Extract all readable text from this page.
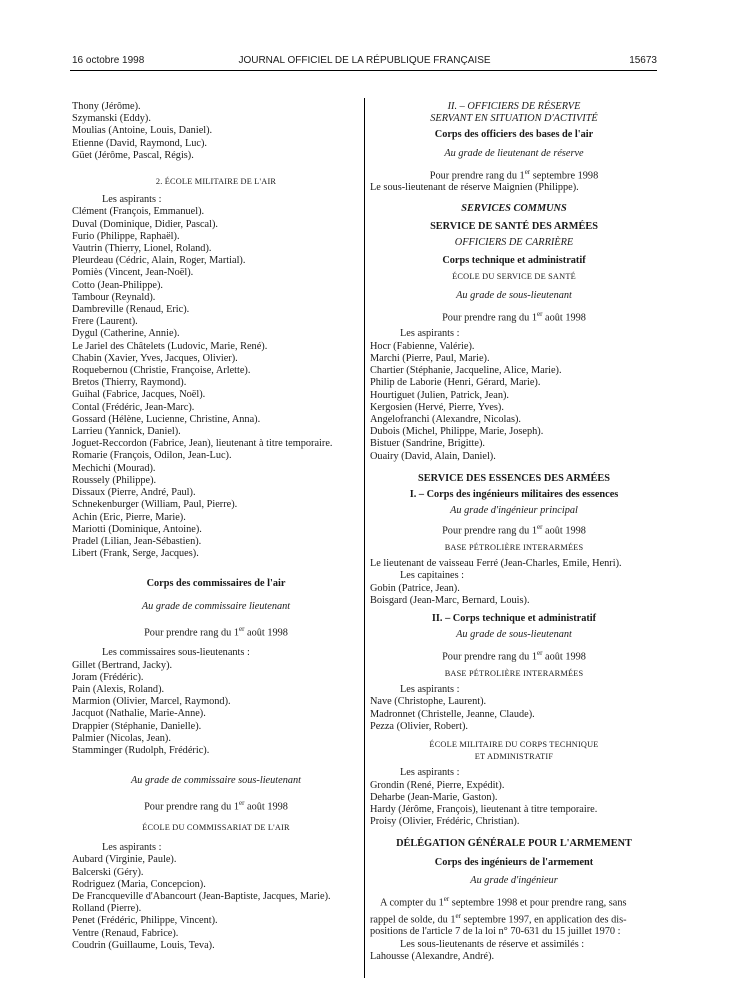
16 octobre 1998	JOURNAL OFFICIEL DE LA RÉPUBLIQUE FRANÇAISE	15673
Thony (Jérôme).
Szymanski (Eddy).
Moulias (Antoine, Louis, Daniel).
Etienne (David, Raymond, Luc).
Güet (Jérôme, Pascal, Régis).
2. ÉCOLE MILITAIRE DE L'AIR
Les aspirants :
Clément (François, Emmanuel).
Duval (Dominique, Didier, Pascal).
Furio (Philippe, Raphaël).
Vautrin (Thierry, Lionel, Roland).
Pleurdeau (Cédric, Alain, Roger, Martial).
Pomiès (Vincent, Jean-Noël).
Cotto (Jean-Philippe).
Tambour (Reynald).
Dambreville (Renaud, Eric).
Frere (Laurent).
Dygul (Catherine, Annie).
Le Jariel des Châtelets (Ludovic, Marie, René).
Chabin (Xavier, Yves, Jacques, Olivier).
Roquebernou (Christie, Françoise, Arlette).
Bretos (Thierry, Raymond).
Guihal (Fabrice, Jacques, Noël).
Contal (Frédéric, Jean-Marc).
Gossard (Hélène, Lucienne, Christine, Anna).
Larrieu (Yannick, Daniel).
Joguet-Reccordon (Fabrice, Jean), lieutenant à titre temporaire.
Romarie (François, Odilon, Jean-Luc).
Mechichi (Mourad).
Roussely (Philippe).
Dissaux (Pierre, André, Paul).
Schnekenburger (William, Paul, Pierre).
Achin (Eric, Pierre, Marie).
Mariotti (Dominique, Antoine).
Pradel (Lilian, Jean-Sébastien).
Libert (Frank, Serge, Jacques).
Corps des commissaires de l'air
Au grade de commissaire lieutenant
Pour prendre rang du 1er août 1998
Les commissaires sous-lieutenants :
Gillet (Bertrand, Jacky).
Joram (Frédéric).
Pain (Alexis, Roland).
Marmion (Olivier, Marcel, Raymond).
Jacquot (Nathalie, Marie-Anne).
Drappier (Stéphanie, Danielle).
Palmier (Nicolas, Jean).
Stamminger (Rudolph, Frédéric).
Au grade de commissaire sous-lieutenant
Pour prendre rang du 1er août 1998
ÉCOLE DU COMMISSARIAT DE L'AIR
Les aspirants :
Aubard (Virginie, Paule).
Balcerski (Géry).
Rodriguez (Maria, Concepcion).
De Francqueville d'Abancourt (Jean-Baptiste, Jacques, Marie).
Rolland (Pierre).
Penet (Frédéric, Philippe, Vincent).
Ventre (Renaud, Fabrice).
Coudrin (Guillaume, Louis, Teva).
II. – OFFICIERS DE RÉSERVE
SERVANT EN SITUATION D'ACTIVITÉ
Corps des officiers des bases de l'air
Au grade de lieutenant de réserve
Pour prendre rang du 1er septembre 1998
Le sous-lieutenant de réserve Maignien (Philippe).
SERVICES COMMUNS
SERVICE DE SANTÉ DES ARMÉES
OFFICIERS DE CARRIÈRE
Corps technique et administratif
ÉCOLE DU SERVICE DE SANTÉ
Au grade de sous-lieutenant
Pour prendre rang du 1er août 1998
Les aspirants :
Hocr (Fabienne, Valérie).
Marchi (Pierre, Paul, Marie).
Chartier (Stéphanie, Jacqueline, Alice, Marie).
Philip de Laborie (Henri, Gérard, Marie).
Hourtiguet (Julien, Patrick, Jean).
Kergosien (Hervé, Pierre, Yves).
Angelofranchi (Alexandre, Nicolas).
Dubois (Michel, Philippe, Marie, Joseph).
Bistuer (Sandrine, Brigitte).
Ouairy (David, Alain, Daniel).
SERVICE DES ESSENCES DES ARMÉES
I. – Corps des ingénieurs militaires des essences
Au grade d'ingénieur principal
Pour prendre rang du 1er août 1998
BASE PÉTROLIÈRE INTERARMÉES
Le lieutenant de vaisseau Ferré (Jean-Charles, Emile, Henri).
Les capitaines :
Gobin (Patrice, Jean).
Boisgard (Jean-Marc, Bernard, Louis).
II. – Corps technique et administratif
Au grade de sous-lieutenant
Pour prendre rang du 1er août 1998
BASE PÉTROLIÈRE INTERARMÉES
Les aspirants :
Nave (Christophe, Laurent).
Madronnet (Christelle, Jeanne, Claude).
Pezza (Olivier, Robert).
ÉCOLE MILITAIRE DU CORPS TECHNIQUE
ET ADMINISTRATIF
Les aspirants :
Grondin (René, Pierre, Expédit).
Deharbe (Jean-Marie, Gaston).
Hardy (Jérôme, François), lieutenant à titre temporaire.
Proisy (Olivier, Frédéric, Christian).
DÉLÉGATION GÉNÉRALE POUR L'ARMEMENT
Corps des ingénieurs de l'armement
Au grade d'ingénieur
A compter du 1er septembre 1998 et pour prendre rang, sans
rappel de solde, du 1er septembre 1997, en application des dis-
positions de l'article 7 de la loi n° 70-631 du 15 juillet 1970 :
Les sous-lieutenants de réserve et assimilés :
Lahousse (Alexandre, André).
